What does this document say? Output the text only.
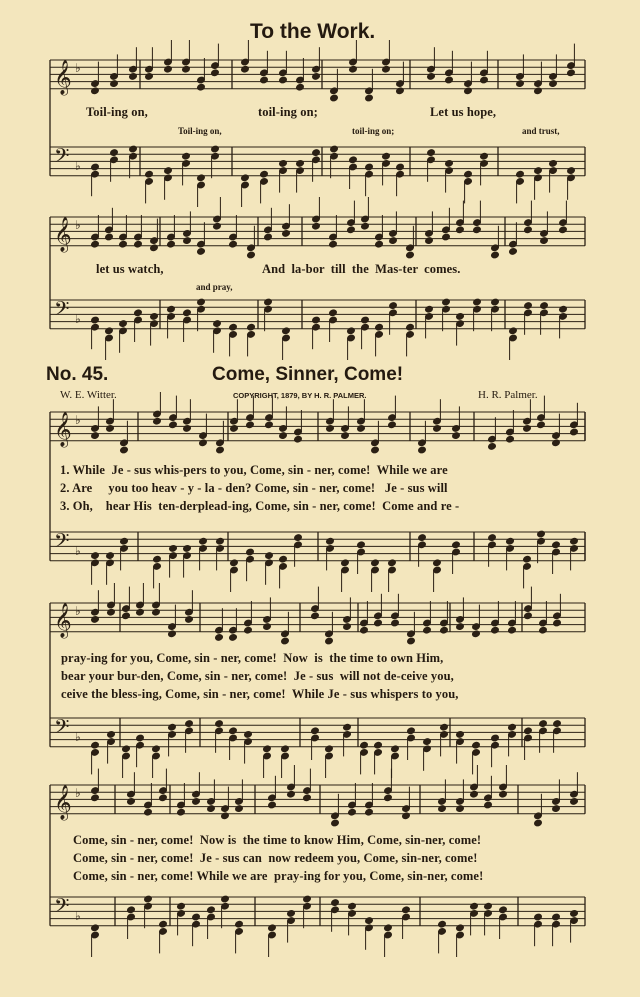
𝄞
𝄢
♭
♭
𝄞
𝄢
♭
♭
𝄞
𝄢
♭
♭
𝄞
𝄢
♭
♭
𝄞
𝄢
♭
♭
To the Work.
Toil-ing on,	toil-ing on;	Let us hope,
Toil-ing on,	toil-ing on;	and trust,
let us watch,	And la-bor till the Mas-ter comes.
and pray,
No. 45.	Come, Sinner, Come!
W. E. Witter.	COPYRIGHT, 1879, BY H. R. PALMER.	H. R. Palmer.
1. While  Je - sus whis-pers to you, Come, sin - ner, come!  While we are
2. Are     you too heav - y - la - den? Come, sin - ner, come!   Je - sus will
3. Oh,    hear His  ten-derplead-ing, Come, sin - ner, come!  Come and re -
pray-ing for you, Come, sin - ner, come!  Now  is  the time to own Him,
bear your bur-den, Come, sin - ner, come!  Je - sus  will not de-ceive you,
ceive the bless-ing, Come, sin - ner, come!  While Je - sus whispers to you,
Come, sin - ner, come!  Now is  the time to know Him, Come, sin-ner, come!
Come, sin - ner, come!  Je - sus can  now redeem you, Come, sin-ner, come!
Come, sin - ner, come! While we are  pray-ing for you, Come, sin-ner, come!
